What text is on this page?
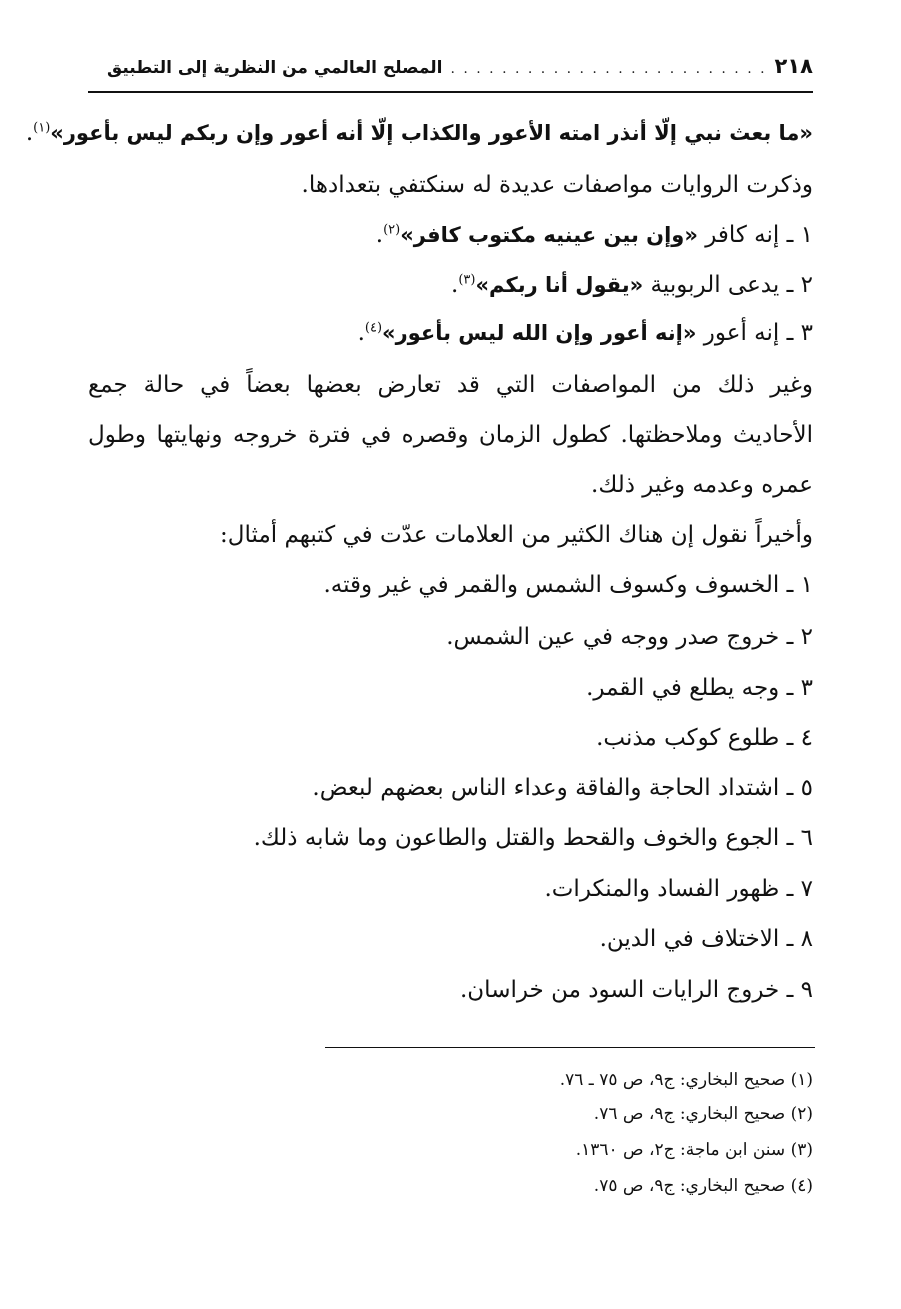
٢١٨
. . . . . . . . . . . . . . . . . . . . . . . . .
المصلح العالمي من النظرية إلى التطبيق
«ما بعث نبي إلّا أنذر امته الأعور والكذاب إلّا أنه أعور وإن ربكم ليس بأعور»$^{(١)}$.
وذكرت الروايات مواصفات عديدة له سنكتفي بتعدادها.
١ ـ إنه كافر «وإن بين عينيه مكتوب كافر»$^{(٢)}$.
٢ ـ يدعى الربوبية «يقول أنا ربكم»$^{(٣)}$.
٣ ـ إنه أعور «إنه أعور وإن الله ليس بأعور»$^{(٤)}$.
وغير ذلك من المواصفات التي قد تعارض بعضها بعضاً في حالة جمع
الأحاديث وملاحظتها. كطول الزمان وقصره في فترة خروجه ونهايتها وطول
عمره وعدمه وغير ذلك.
وأخيراً نقول إن هناك الكثير من العلامات عدّت في كتبهم أمثال:
١ ـ الخسوف وكسوف الشمس والقمر في غير وقته.
٢ ـ خروج صدر ووجه في عين الشمس.
٣ ـ وجه يطلع في القمر.
٤ ـ طلوع كوكب مذنب.
٥ ـ اشتداد الحاجة والفاقة وعداء الناس بعضهم لبعض.
٦ ـ الجوع والخوف والقحط والقتل والطاعون وما شابه ذلك.
٧ ـ ظهور الفساد والمنكرات.
٨ ـ الاختلاف في الدين.
٩ ـ خروج الرايات السود من خراسان.
(١) صحيح البخاري: ج٩، ص ٧٥ ـ ٧٦.
(٢) صحيح البخاري: ج٩، ص ٧٦.
(٣) سنن ابن ماجة: ج٢، ص ١٣٦٠.
(٤) صحيح البخاري: ج٩، ص ٧٥.
